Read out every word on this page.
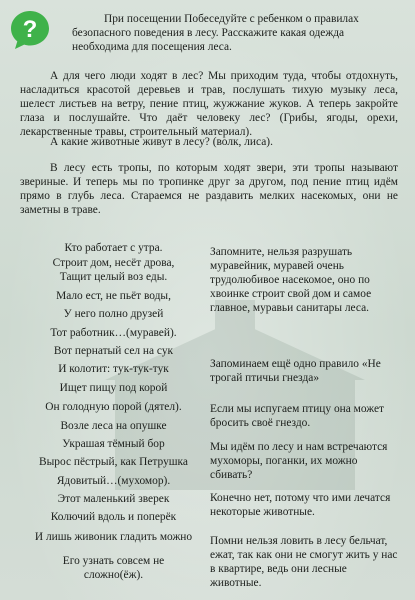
?	При посещении Побеседуйте с ребенком о правилах безопасного поведения в лесу. Расскажите какая одежда необходима для посещения леса.

А для чего люди ходят в лес? Мы приходим туда, чтобы отдохнуть, насладиться красотой деревьев и трав, послушать тихую музыку леса, шелест листьев на ветру, пение птиц, жужжание жуков. А теперь закройте глаза и послушайте. Что даёт человеку лес? (Грибы, ягоды, орехи, лекарственные травы, строительный материал).

А какие животные живут в лесу? (волк, лиса).

В лесу есть тропы, по которым ходят звери, эти тропы называют звериные. И теперь мы по тропинке друг за другом, под пение птиц идём прямо в глубь леса. Стараемся не раздавить мелких насекомых, они не заметны в траве.

Кто работает с утра.
Строит дом, несёт дрова,
Тащит целый воз еды.
Мало ест, не пьёт воды,
У него полно друзей
Тот работник…(муравей).
Вот пернатый сел на сук
И колотит: тук-тук-тук
Ищет пищу под корой
Он голодную порой (дятел).
Возле леса на опушке
Украшая тёмный бор
Вырос пёстрый, как Петрушка
Ядовитый…(мухомор).
Этот маленький зверек
Колючий вдоль и поперёк
И лишь живоник гладить можно
Его узнать совсем не
сложно(ёж).

Запомните, нельзя разрушать муравейник, муравей очень трудолюбивое насекомое, оно по хвоинке строит свой дом и самое главное, муравьи санитары леса.

Запоминаем ещё одно правило «Не трогай птичьи гнезда»

Если мы испугаем птицу она может бросить своё гнездо.

Мы идём по лесу и нам встречаются мухоморы, поганки, их можно сбивать?

Конечно нет, потому что ими лечатся некоторые животные.

Помни нельзя ловить в лесу бельчат, ежат, так как они не смогут жить у нас в квартире, ведь они лесные животные.
